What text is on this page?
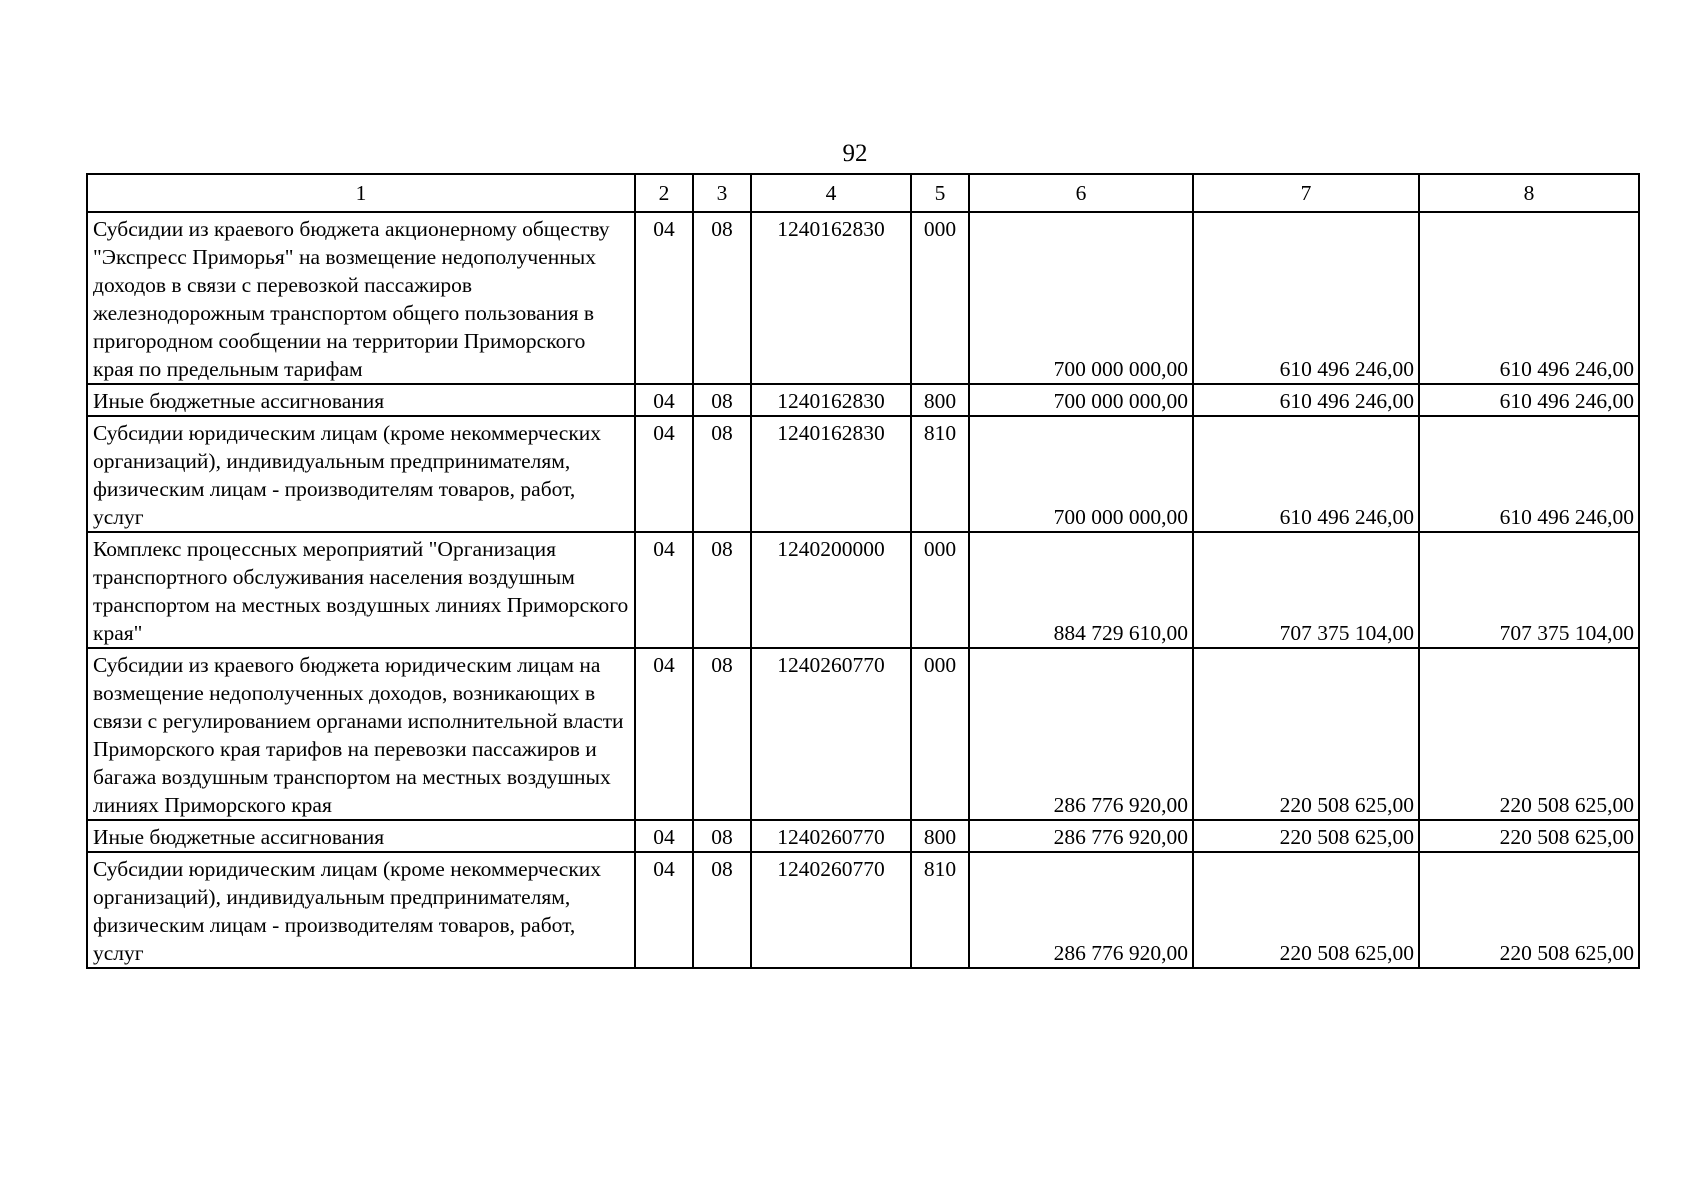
92
1	2	3	4	5	6	7	8
Субсидии из краевого бюджета акционерному обществу "Экспресс Приморья" на возмещение недополученных доходов в связи с перевозкой пассажиров железнодорожным транспортом общего пользования в пригородном сообщении на территории Приморского края по предельным тарифам	04	08	1240162830	000	700 000 000,00	610 496 246,00	610 496 246,00
Иные бюджетные ассигнования	04	08	1240162830	800	700 000 000,00	610 496 246,00	610 496 246,00
Субсидии юридическим лицам (кроме некоммерческих организаций), индивидуальным предпринимателям, физическим лицам - производителям товаров, работ, услуг	04	08	1240162830	810	700 000 000,00	610 496 246,00	610 496 246,00
Комплекс процессных мероприятий "Организация транспортного обслуживания населения воздушным транспортом на местных воздушных линиях Приморского края"	04	08	1240200000	000	884 729 610,00	707 375 104,00	707 375 104,00
Субсидии из краевого бюджета юридическим лицам на возмещение недополученных доходов, возникающих в связи с регулированием органами исполнительной власти Приморского края тарифов на перевозки пассажиров и багажа воздушным транспортом на местных воздушных линиях Приморского края	04	08	1240260770	000	286 776 920,00	220 508 625,00	220 508 625,00
Иные бюджетные ассигнования	04	08	1240260770	800	286 776 920,00	220 508 625,00	220 508 625,00
Субсидии юридическим лицам (кроме некоммерческих организаций), индивидуальным предпринимателям, физическим лицам - производителям товаров, работ, услуг	04	08	1240260770	810	286 776 920,00	220 508 625,00	220 508 625,00
